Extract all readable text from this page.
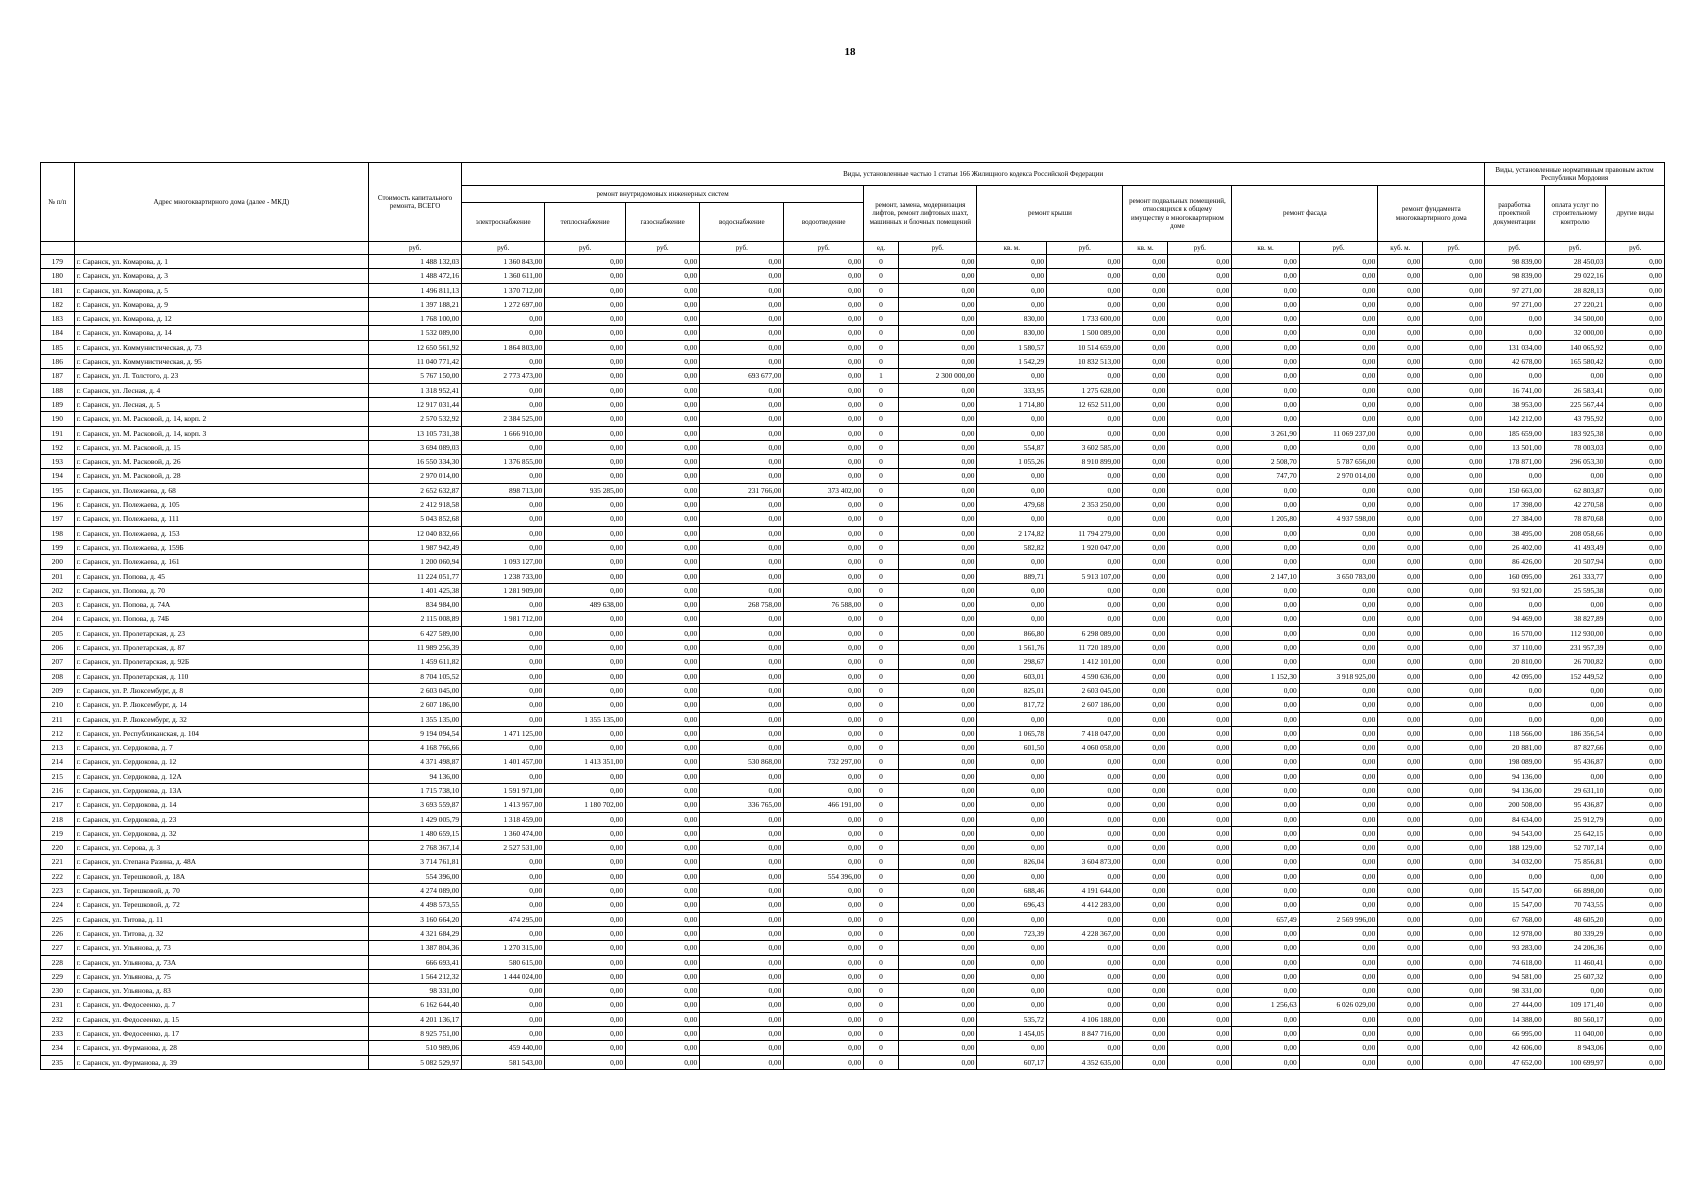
18
№ п/п	Адрес многоквартирного дома (далее - МКД)	Стоимость капитального ремонта, ВСЕГО	Виды, установленные частью 1 статьи 166 Жилищного кодекса Российской Федерации															Виды, установленные нормативным правовым актом Республики Мордовия		
			ремонт внутридомовых инженерных систем					ремонт, замена, модернизация лифтов, ремонт лифтовых шахт, машинных и блочных помещений		ремонт крыши		ремонт подвальных помещений, относящихся к общему имуществу в многоквартирном доме		ремонт фасада		ремонт фундамента многоквартирного дома		разработка проектной документации	оплата услуг по строительному контролю	другие виды
			электроснабжение	теплоснабжение	газоснабжение	водоснабжение	водоотведение													
		руб.	руб.	руб.	руб.	руб.	руб.	ед.	руб.	кв. м.	руб.	кв. м.	руб.	кв. м.	руб.	куб. м.	руб.	руб.	руб.	руб.
179	г. Саранск, ул. Комарова, д. 1	1 488 132,03	1 360 843,00	0,00	0,00	0,00	0,00	0	0,00	0,00	0,00	0,00	0,00	0,00	0,00	0,00	0,00	98 839,00	28 450,03	0,00
180	г. Саранск, ул. Комарова, д. 3	1 488 472,16	1 360 611,00	0,00	0,00	0,00	0,00	0	0,00	0,00	0,00	0,00	0,00	0,00	0,00	0,00	0,00	98 839,00	29 022,16	0,00
181	г. Саранск, ул. Комарова, д. 5	1 496 811,13	1 370 712,00	0,00	0,00	0,00	0,00	0	0,00	0,00	0,00	0,00	0,00	0,00	0,00	0,00	0,00	97 271,00	28 828,13	0,00
182	г. Саранск, ул. Комарова, д. 9	1 397 188,21	1 272 697,00	0,00	0,00	0,00	0,00	0	0,00	0,00	0,00	0,00	0,00	0,00	0,00	0,00	0,00	97 271,00	27 220,21	0,00
183	г. Саранск, ул. Комарова, д. 12	1 768 100,00	0,00	0,00	0,00	0,00	0,00	0	0,00	830,00	1 733 600,00	0,00	0,00	0,00	0,00	0,00	0,00	0,00	34 500,00	0,00
184	г. Саранск, ул. Комарова, д. 14	1 532 089,00	0,00	0,00	0,00	0,00	0,00	0	0,00	830,00	1 500 089,00	0,00	0,00	0,00	0,00	0,00	0,00	0,00	32 000,00	0,00
185	г. Саранск, ул. Коммунистическая, д. 73	12 650 561,92	1 864 803,00	0,00	0,00	0,00	0,00	0	0,00	1 580,57	10 514 659,00	0,00	0,00	0,00	0,00	0,00	0,00	131 034,00	140 065,92	0,00
186	г. Саранск, ул. Коммунистическая, д. 95	11 040 771,42	0,00	0,00	0,00	0,00	0,00	0	0,00	1 542,29	10 832 513,00	0,00	0,00	0,00	0,00	0,00	0,00	42 678,00	165 580,42	0,00
187	г. Саранск, ул. Л. Толстого, д. 23	5 767 150,00	2 773 473,00	0,00	0,00	693 677,00	0,00	1	2 300 000,00	0,00	0,00	0,00	0,00	0,00	0,00	0,00	0,00	0,00	0,00	0,00
188	г. Саранск, ул. Лесная, д. 4	1 318 952,41	0,00	0,00	0,00	0,00	0,00	0	0,00	333,95	1 275 628,00	0,00	0,00	0,00	0,00	0,00	0,00	16 741,00	26 583,41	0,00
189	г. Саранск, ул. Лесная, д. 5	12 917 031,44	0,00	0,00	0,00	0,00	0,00	0	0,00	1 714,80	12 652 511,00	0,00	0,00	0,00	0,00	0,00	0,00	38 953,00	225 567,44	0,00
190	г. Саранск, ул. М. Расковой, д. 14, корп. 2	2 570 532,92	2 384 525,00	0,00	0,00	0,00	0,00	0	0,00	0,00	0,00	0,00	0,00	0,00	0,00	0,00	0,00	142 212,00	43 795,92	0,00
191	г. Саранск, ул. М. Расковой, д. 14, корп. 3	13 105 731,38	1 666 910,00	0,00	0,00	0,00	0,00	0	0,00	0,00	0,00	0,00	0,00	3 261,90	11 069 237,00	0,00	0,00	185 659,00	183 925,38	0,00
192	г. Саранск, ул. М. Расковой, д. 15	3 694 089,03	0,00	0,00	0,00	0,00	0,00	0	0,00	554,87	3 602 585,00	0,00	0,00	0,00	0,00	0,00	0,00	13 501,00	78 003,03	0,00
193	г. Саранск, ул. М. Расковой, д. 26	16 550 334,30	1 376 855,00	0,00	0,00	0,00	0,00	0	0,00	1 055,26	8 910 899,00	0,00	0,00	2 508,70	5 787 656,00	0,00	0,00	178 871,00	296 053,30	0,00
194	г. Саранск, ул. М. Расковой, д. 28	2 970 014,00	0,00	0,00	0,00	0,00	0,00	0	0,00	0,00	0,00	0,00	0,00	747,70	2 970 014,00	0,00	0,00	0,00	0,00	0,00
195	г. Саранск, ул. Полежаева, д. 68	2 652 632,87	898 713,00	935 285,00	0,00	231 766,00	373 402,00	0	0,00	0,00	0,00	0,00	0,00	0,00	0,00	0,00	0,00	150 663,00	62 803,87	0,00
196	г. Саранск, ул. Полежаева, д. 105	2 412 918,58	0,00	0,00	0,00	0,00	0,00	0	0,00	479,68	2 353 250,00	0,00	0,00	0,00	0,00	0,00	0,00	17 398,00	42 270,58	0,00
197	г. Саранск, ул. Полежаева, д. 111	5 043 852,68	0,00	0,00	0,00	0,00	0,00	0	0,00	0,00	0,00	0,00	0,00	1 205,80	4 937 598,00	0,00	0,00	27 384,00	78 870,68	0,00
198	г. Саранск, ул. Полежаева, д. 153	12 040 832,66	0,00	0,00	0,00	0,00	0,00	0	0,00	2 174,82	11 794 279,00	0,00	0,00	0,00	0,00	0,00	0,00	38 495,00	208 058,66	0,00
199	г. Саранск, ул. Полежаева, д. 159Б	1 987 942,49	0,00	0,00	0,00	0,00	0,00	0	0,00	582,82	1 920 047,00	0,00	0,00	0,00	0,00	0,00	0,00	26 402,00	41 493,49	0,00
200	г. Саранск, ул. Полежаева, д. 161	1 200 060,94	1 093 127,00	0,00	0,00	0,00	0,00	0	0,00	0,00	0,00	0,00	0,00	0,00	0,00	0,00	0,00	86 426,00	20 507,94	0,00
201	г. Саранск, ул. Попова, д. 45	11 224 051,77	1 238 733,00	0,00	0,00	0,00	0,00	0	0,00	889,71	5 913 107,00	0,00	0,00	2 147,10	3 650 783,00	0,00	0,00	160 095,00	261 333,77	0,00
202	г. Саранск, ул. Попова, д. 70	1 401 425,38	1 281 909,00	0,00	0,00	0,00	0,00	0	0,00	0,00	0,00	0,00	0,00	0,00	0,00	0,00	0,00	93 921,00	25 595,38	0,00
203	г. Саранск, ул. Попова, д. 74А	834 984,00	0,00	489 638,00	0,00	268 758,00	76 588,00	0	0,00	0,00	0,00	0,00	0,00	0,00	0,00	0,00	0,00	0,00	0,00	0,00
204	г. Саранск, ул. Попова, д. 74Б	2 115 008,89	1 981 712,00	0,00	0,00	0,00	0,00	0	0,00	0,00	0,00	0,00	0,00	0,00	0,00	0,00	0,00	94 469,00	38 827,89	0,00
205	г. Саранск, ул. Пролетарская, д. 23	6 427 589,00	0,00	0,00	0,00	0,00	0,00	0	0,00	866,80	6 298 089,00	0,00	0,00	0,00	0,00	0,00	0,00	16 570,00	112 930,00	0,00
206	г. Саранск, ул. Пролетарская, д. 87	11 989 256,39	0,00	0,00	0,00	0,00	0,00	0	0,00	1 561,76	11 720 189,00	0,00	0,00	0,00	0,00	0,00	0,00	37 110,00	231 957,39	0,00
207	г. Саранск, ул. Пролетарская, д. 92Б	1 459 611,82	0,00	0,00	0,00	0,00	0,00	0	0,00	298,67	1 412 101,00	0,00	0,00	0,00	0,00	0,00	0,00	20 810,00	26 700,82	0,00
208	г. Саранск, ул. Пролетарская, д. 110	8 704 105,52	0,00	0,00	0,00	0,00	0,00	0	0,00	603,01	4 590 636,00	0,00	0,00	1 152,30	3 918 925,00	0,00	0,00	42 095,00	152 449,52	0,00
209	г. Саранск, ул. Р. Люксембург, д. 8	2 603 045,00	0,00	0,00	0,00	0,00	0,00	0	0,00	825,01	2 603 045,00	0,00	0,00	0,00	0,00	0,00	0,00	0,00	0,00	0,00
210	г. Саранск, ул. Р. Люксембург, д. 14	2 607 186,00	0,00	0,00	0,00	0,00	0,00	0	0,00	817,72	2 607 186,00	0,00	0,00	0,00	0,00	0,00	0,00	0,00	0,00	0,00
211	г. Саранск, ул. Р. Люксембург, д. 32	1 355 135,00	0,00	1 355 135,00	0,00	0,00	0,00	0	0,00	0,00	0,00	0,00	0,00	0,00	0,00	0,00	0,00	0,00	0,00	0,00
212	г. Саранск, ул. Республиканская, д. 104	9 194 094,54	1 471 125,00	0,00	0,00	0,00	0,00	0	0,00	1 065,78	7 418 047,00	0,00	0,00	0,00	0,00	0,00	0,00	118 566,00	186 356,54	0,00
213	г. Саранск, ул. Сердюкова, д. 7	4 168 766,66	0,00	0,00	0,00	0,00	0,00	0	0,00	601,50	4 060 058,00	0,00	0,00	0,00	0,00	0,00	0,00	20 881,00	87 827,66	0,00
214	г. Саранск, ул. Сердюкова, д. 12	4 371 498,87	1 401 457,00	1 413 351,00	0,00	530 868,00	732 297,00	0	0,00	0,00	0,00	0,00	0,00	0,00	0,00	0,00	0,00	198 089,00	95 436,87	0,00
215	г. Саранск, ул. Сердюкова, д. 12А	94 136,00	0,00	0,00	0,00	0,00	0,00	0	0,00	0,00	0,00	0,00	0,00	0,00	0,00	0,00	0,00	94 136,00	0,00	0,00
216	г. Саранск, ул. Сердюкова, д. 13А	1 715 738,10	1 591 971,00	0,00	0,00	0,00	0,00	0	0,00	0,00	0,00	0,00	0,00	0,00	0,00	0,00	0,00	94 136,00	29 631,10	0,00
217	г. Саранск, ул. Сердюкова, д. 14	3 693 559,87	1 413 957,00	1 180 702,00	0,00	336 765,00	466 191,00	0	0,00	0,00	0,00	0,00	0,00	0,00	0,00	0,00	0,00	200 508,00	95 436,87	0,00
218	г. Саранск, ул. Сердюкова, д. 23	1 429 005,79	1 318 459,00	0,00	0,00	0,00	0,00	0	0,00	0,00	0,00	0,00	0,00	0,00	0,00	0,00	0,00	84 634,00	25 912,79	0,00
219	г. Саранск, ул. Сердюкова, д. 32	1 480 659,15	1 360 474,00	0,00	0,00	0,00	0,00	0	0,00	0,00	0,00	0,00	0,00	0,00	0,00	0,00	0,00	94 543,00	25 642,15	0,00
220	г. Саранск, ул. Серова, д. 3	2 768 367,14	2 527 531,00	0,00	0,00	0,00	0,00	0	0,00	0,00	0,00	0,00	0,00	0,00	0,00	0,00	0,00	188 129,00	52 707,14	0,00
221	г. Саранск, ул. Степана Разина, д. 48А	3 714 761,81	0,00	0,00	0,00	0,00	0,00	0	0,00	826,04	3 604 873,00	0,00	0,00	0,00	0,00	0,00	0,00	34 032,00	75 856,81	0,00
222	г. Саранск, ул. Терешковой, д. 18А	554 396,00	0,00	0,00	0,00	0,00	554 396,00	0	0,00	0,00	0,00	0,00	0,00	0,00	0,00	0,00	0,00	0,00	0,00	0,00
223	г. Саранск, ул. Терешковой, д. 70	4 274 089,00	0,00	0,00	0,00	0,00	0,00	0	0,00	688,46	4 191 644,00	0,00	0,00	0,00	0,00	0,00	0,00	15 547,00	66 898,00	0,00
224	г. Саранск, ул. Терешковой, д. 72	4 498 573,55	0,00	0,00	0,00	0,00	0,00	0	0,00	696,43	4 412 283,00	0,00	0,00	0,00	0,00	0,00	0,00	15 547,00	70 743,55	0,00
225	г. Саранск, ул. Титова, д. 11	3 160 664,20	474 295,00	0,00	0,00	0,00	0,00	0	0,00	0,00	0,00	0,00	0,00	657,49	2 569 996,00	0,00	0,00	67 768,00	48 605,20	0,00
226	г. Саранск, ул. Титова, д. 32	4 321 684,29	0,00	0,00	0,00	0,00	0,00	0	0,00	723,39	4 228 367,00	0,00	0,00	0,00	0,00	0,00	0,00	12 978,00	80 339,29	0,00
227	г. Саранск, ул. Ульянова, д. 73	1 387 804,36	1 270 315,00	0,00	0,00	0,00	0,00	0	0,00	0,00	0,00	0,00	0,00	0,00	0,00	0,00	0,00	93 283,00	24 206,36	0,00
228	г. Саранск, ул. Ульянова, д. 73А	666 693,41	580 615,00	0,00	0,00	0,00	0,00	0	0,00	0,00	0,00	0,00	0,00	0,00	0,00	0,00	0,00	74 618,00	11 460,41	0,00
229	г. Саранск, ул. Ульянова, д. 75	1 564 212,32	1 444 024,00	0,00	0,00	0,00	0,00	0	0,00	0,00	0,00	0,00	0,00	0,00	0,00	0,00	0,00	94 581,00	25 607,32	0,00
230	г. Саранск, ул. Ульянова, д. 83	98 331,00	0,00	0,00	0,00	0,00	0,00	0	0,00	0,00	0,00	0,00	0,00	0,00	0,00	0,00	0,00	98 331,00	0,00	0,00
231	г. Саранск, ул. Федосеенко, д. 7	6 162 644,40	0,00	0,00	0,00	0,00	0,00	0	0,00	0,00	0,00	0,00	0,00	1 256,63	6 026 029,00	0,00	0,00	27 444,00	109 171,40	0,00
232	г. Саранск, ул. Федосеенко, д. 15	4 201 136,17	0,00	0,00	0,00	0,00	0,00	0	0,00	535,72	4 106 188,00	0,00	0,00	0,00	0,00	0,00	0,00	14 388,00	80 560,17	0,00
233	г. Саранск, ул. Федосеенко, д. 17	8 925 751,00	0,00	0,00	0,00	0,00	0,00	0	0,00	1 454,05	8 847 716,00	0,00	0,00	0,00	0,00	0,00	0,00	66 995,00	11 040,00	0,00
234	г. Саранск, ул. Фурманова, д. 28	510 989,06	459 440,00	0,00	0,00	0,00	0,00	0	0,00	0,00	0,00	0,00	0,00	0,00	0,00	0,00	0,00	42 606,00	8 943,06	0,00
235	г. Саранск, ул. Фурманова, д. 39	5 082 529,97	581 543,00	0,00	0,00	0,00	0,00	0	0,00	607,17	4 352 635,00	0,00	0,00	0,00	0,00	0,00	0,00	47 652,00	100 699,97	0,00
